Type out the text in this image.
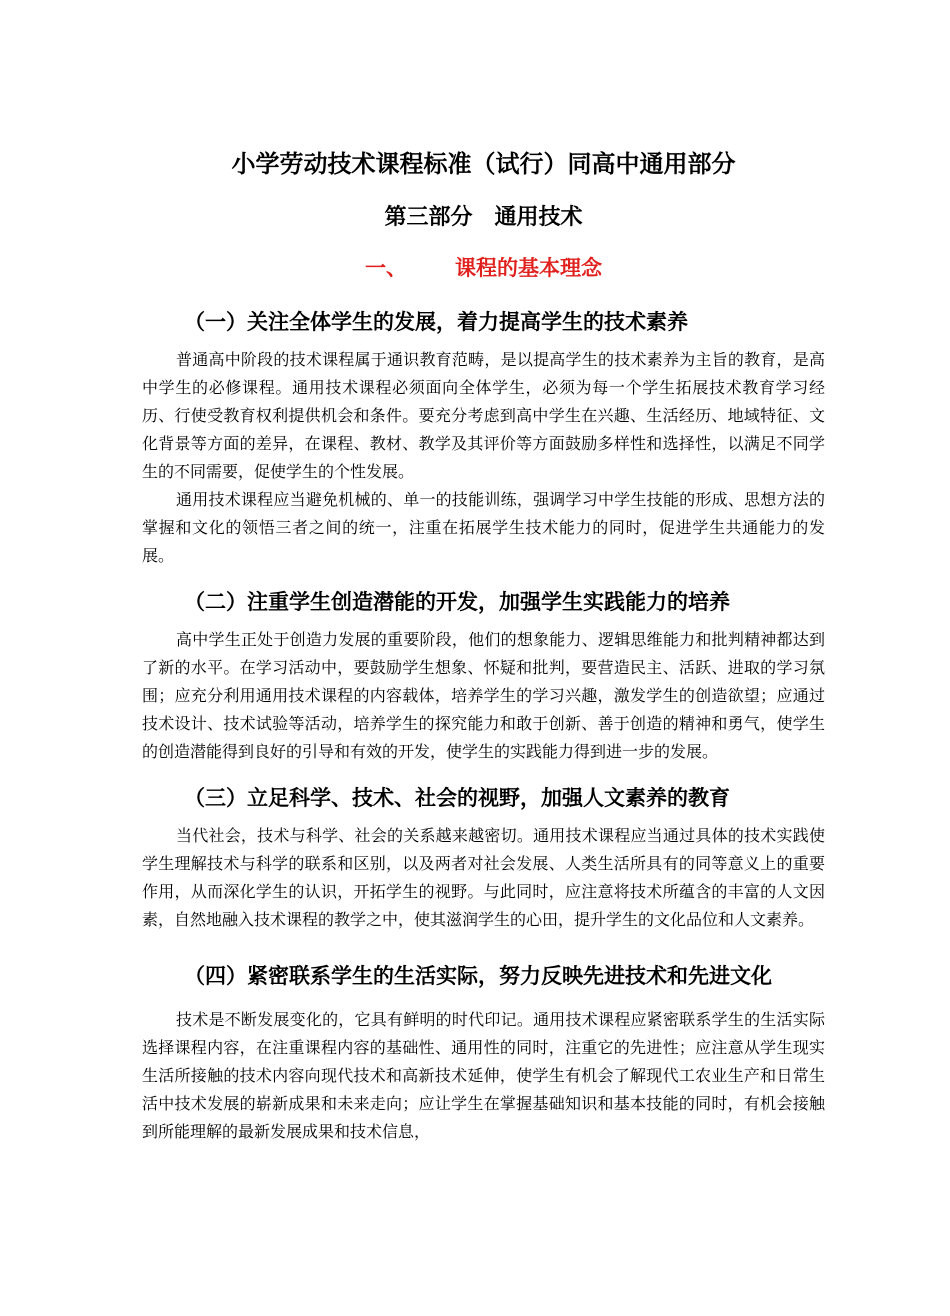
小学劳动技术课程标准（试行）同高中通用部分
第三部分　通用技术
一、 课程的基本理念
（一）关注全体学生的发展，着力提高学生的技术素养

普通高中阶段的技术课程属于通识教育范畴，是以提高学生的技术素养为主旨的教育，是高中学生的必修课程。通用技术课程必须面向全体学生，必须为每一个学生拓展技术教育学习经历、行使受教育权利提供机会和条件。要充分考虑到高中学生在兴趣、生活经历、地域特征、文化背景等方面的差异，在课程、教材、教学及其评价等方面鼓励多样性和选择性，以满足不同学生的不同需要，促使学生的个性发展。

通用技术课程应当避免机械的、单一的技能训练，强调学习中学生技能的形成、思想方法的掌握和文化的领悟三者之间的统一，注重在拓展学生技术能力的同时，促进学生共通能力的发展。

（二）注重学生创造潜能的开发，加强学生实践能力的培养

高中学生正处于创造力发展的重要阶段，他们的想象能力、逻辑思维能力和批判精神都达到了新的水平。在学习活动中，要鼓励学生想象、怀疑和批判，要营造民主、活跃、进取的学习氛围；应充分利用通用技术课程的内容载体，培养学生的学习兴趣，激发学生的创造欲望；应通过技术设计、技术试验等活动，培养学生的探究能力和敢于创新、善于创造的精神和勇气，使学生的创造潜能得到良好的引导和有效的开发，使学生的实践能力得到进一步的发展。

（三）立足科学、技术、社会的视野，加强人文素养的教育

当代社会，技术与科学、社会的关系越来越密切。通用技术课程应当通过具体的技术实践使学生理解技术与科学的联系和区别，以及两者对社会发展、人类生活所具有的同等意义上的重要作用，从而深化学生的认识，开拓学生的视野。与此同时，应注意将技术所蕴含的丰富的人文因素，自然地融入技术课程的教学之中，使其滋润学生的心田，提升学生的文化品位和人文素养。

（四）紧密联系学生的生活实际，努力反映先进技术和先进文化

技术是不断发展变化的，它具有鲜明的时代印记。通用技术课程应紧密联系学生的生活实际选择课程内容，在注重课程内容的基础性、通用性的同时，注重它的先进性；应注意从学生现实生活所接触的技术内容向现代技术和高新技术延伸，使学生有机会了解现代工农业生产和日常生活中技术发展的崭新成果和未来走向；应让学生在掌握基础知识和基本技能的同时，有机会接触到所能理解的最新发展成果和技术信息，
